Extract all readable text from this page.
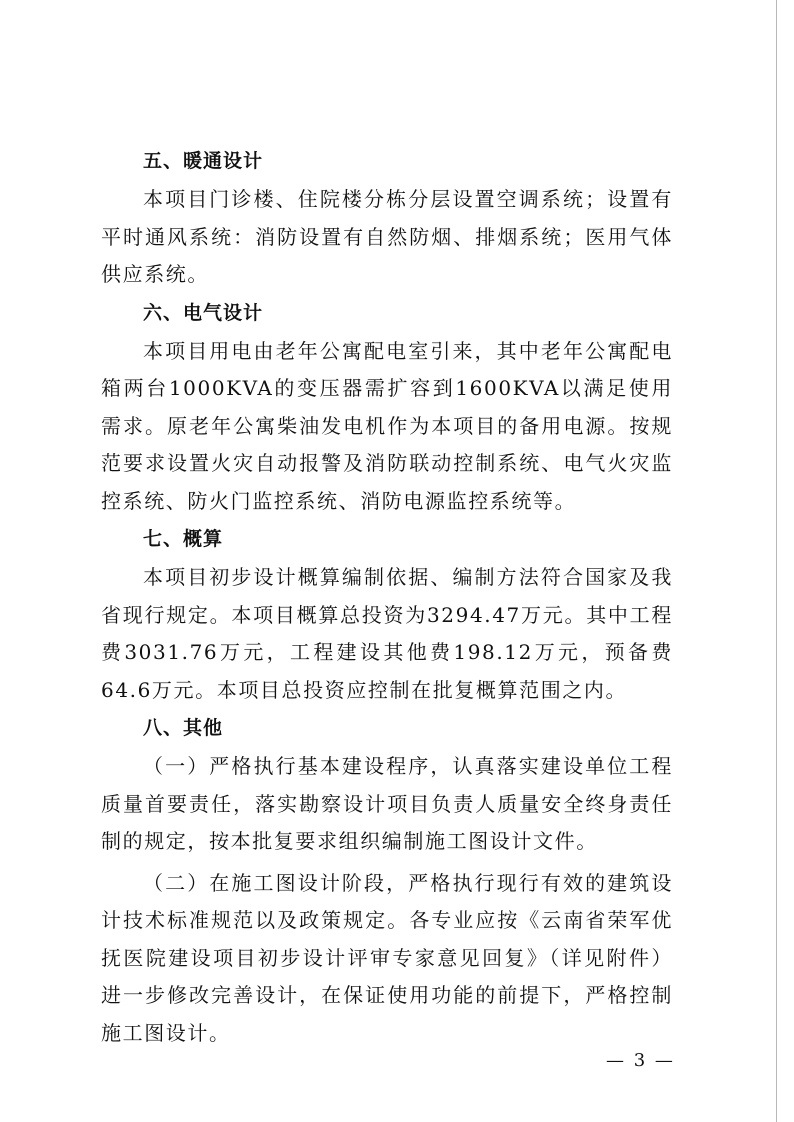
五、暖通设计

本项目门诊楼、住院楼分栋分层设置空调系统；设置有平时通风系统：消防设置有自然防烟、排烟系统；医用气体供应系统。

六、电气设计

本项目用电由老年公寓配电室引来，其中老年公寓配电箱两台1000KVA的变压器需扩容到1600KVA以满足使用需求。原老年公寓柴油发电机作为本项目的备用电源。按规范要求设置火灾自动报警及消防联动控制系统、电气火灾监控系统、防火门监控系统、消防电源监控系统等。

七、概算

本项目初步设计概算编制依据、编制方法符合国家及我省现行规定。本项目概算总投资为3294.47万元。其中工程费3031.76万元，工程建设其他费198.12万元，预备费64.6万元。本项目总投资应控制在批复概算范围之内。

八、其他

（一）严格执行基本建设程序，认真落实建设单位工程质量首要责任，落实勘察设计项目负责人质量安全终身责任制的规定，按本批复要求组织编制施工图设计文件。

（二）在施工图设计阶段，严格执行现行有效的建筑设计技术标准规范以及政策规定。各专业应按《云南省荣军优抚医院建设项目初步设计评审专家意见回复》（详见附件）进一步修改完善设计，在保证使用功能的前提下，严格控制施工图设计。

— 3 —
